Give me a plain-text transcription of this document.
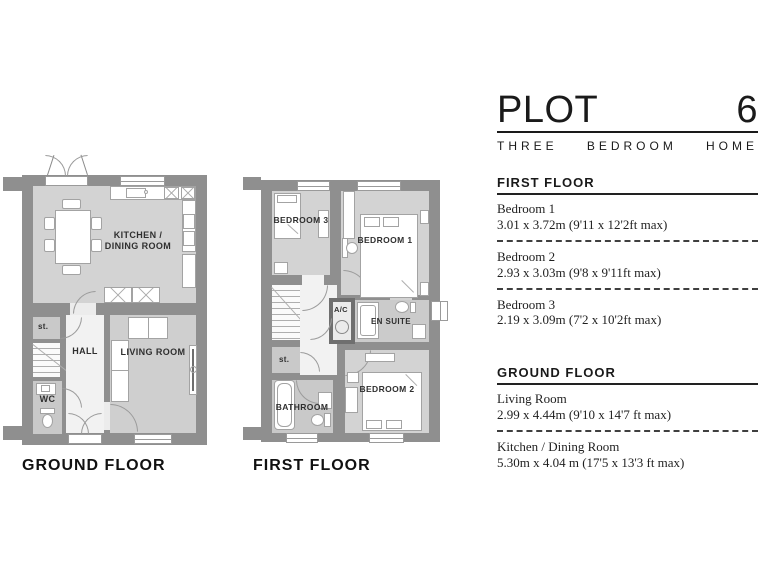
KITCHEN /
DINING ROOM
HALL	LIVING ROOM
WC
st.
GROUND FLOOR
BEDROOM 3
BEDROOM 1
BEDROOM 2
A/C
EN SUITE
BATHROOM
st.
FIRST FLOOR
PLOT	6
THREE BEDROOM HOME
FIRST FLOOR
Bedroom 1
3.01 x 3.72m (9'11 x 12'2ft max)
Bedroom 2
2.93 x 3.03m (9'8 x 9'11ft max)
Bedroom 3
2.19 x 3.09m (7'2 x 10'2ft max)
GROUND FLOOR
Living Room
2.99 x 4.44m (9'10 x 14'7 ft max)
Kitchen / Dining Room
5.30m x 4.04 m (17'5 x 13'3 ft max)
